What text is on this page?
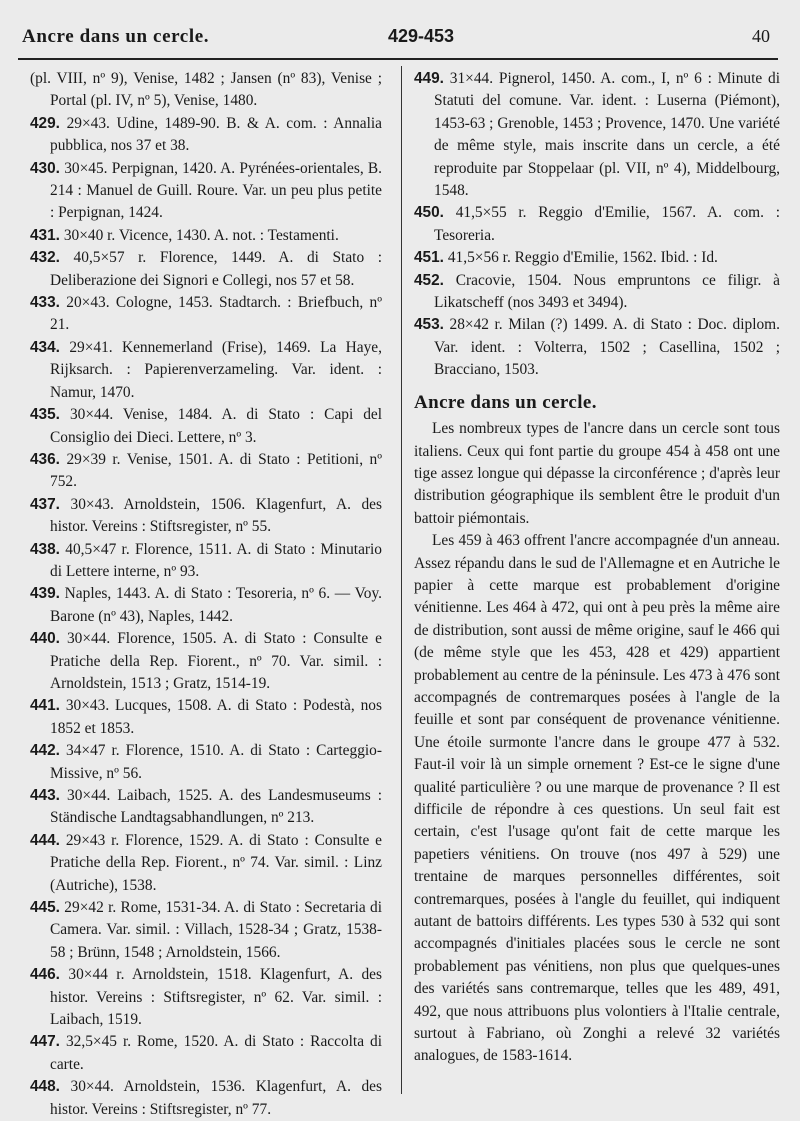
Ancre dans un cercle.	429-453	40
(pl. VIII, nº 9), Venise, 1482 ; Jansen (nº 83), Venise ; Portal (pl. IV, nº 5), Venise, 1480.
429. 29×43. Udine, 1489-90. B. & A. com. : Annalia pubblica, nos 37 et 38.
430. 30×45. Perpignan, 1420. A. Pyrénées-orientales, B. 214 : Manuel de Guill. Roure. Var. un peu plus petite : Perpignan, 1424.
431. 30×40 r. Vicence, 1430. A. not. : Testamenti.
432. 40,5×57 r. Florence, 1449. A. di Stato : Deliberazione dei Signori e Collegi, nos 57 et 58.
433. 20×43. Cologne, 1453. Stadtarch. : Briefbuch, nº 21.
434. 29×41. Kennemerland (Frise), 1469. La Haye, Rijksarch. : Papierenverzameling. Var. ident. : Namur, 1470.
435. 30×44. Venise, 1484. A. di Stato : Capi del Consiglio dei Dieci. Lettere, nº 3.
436. 29×39 r. Venise, 1501. A. di Stato : Petitioni, nº 752.
437. 30×43. Arnoldstein, 1506. Klagenfurt, A. des histor. Vereins : Stiftsregister, nº 55.
438. 40,5×47 r. Florence, 1511. A. di Stato : Minutario di Lettere interne, nº 93.
439. Naples, 1443. A. di Stato : Tesoreria, nº 6. — Voy. Barone (nº 43), Naples, 1442.
440. 30×44. Florence, 1505. A. di Stato : Consulte e Pratiche della Rep. Fiorent., nº 70. Var. simil. : Arnoldstein, 1513 ; Gratz, 1514-19.
441. 30×43. Lucques, 1508. A. di Stato : Podestà, nos 1852 et 1853.
442. 34×47 r. Florence, 1510. A. di Stato : Carteggio-Missive, nº 56.
443. 30×44. Laibach, 1525. A. des Landesmuseums : Ständische Landtagsabhandlungen, nº 213.
444. 29×43 r. Florence, 1529. A. di Stato : Consulte e Pratiche della Rep. Fiorent., nº 74. Var. simil. : Linz (Autriche), 1538.
445. 29×42 r. Rome, 1531-34. A. di Stato : Secretaria di Camera. Var. simil. : Villach, 1528-34 ; Gratz, 1538-58 ; Brünn, 1548 ; Arnoldstein, 1566.
446. 30×44 r. Arnoldstein, 1518. Klagenfurt, A. des histor. Vereins : Stiftsregister, nº 62. Var. simil. : Laibach, 1519.
447. 32,5×45 r. Rome, 1520. A. di Stato : Raccolta di carte.
448. 30×44. Arnoldstein, 1536. Klagenfurt, A. des histor. Vereins : Stiftsregister, nº 77.
449. 31×44. Pignerol, 1450. A. com., I, nº 6 : Minute di Statuti del comune. Var. ident. : Luserna (Piémont), 1453-63 ; Grenoble, 1453 ; Provence, 1470. Une variété de même style, mais inscrite dans un cercle, a été reproduite par Stoppelaar (pl. VII, nº 4), Middelbourg, 1548.
450. 41,5×55 r. Reggio d'Emilie, 1567. A. com. : Tesoreria.
451. 41,5×56 r. Reggio d'Emilie, 1562. Ibid. : Id.
452. Cracovie, 1504. Nous empruntons ce filigr. à Likatscheff (nos 3493 et 3494).
453. 28×42 r. Milan (?) 1499. A. di Stato : Doc. diplom. Var. ident. : Volterra, 1502 ; Casellina, 1502 ; Bracciano, 1503.
Ancre dans un cercle.

Les nombreux types de l'ancre dans un cercle sont tous italiens. Ceux qui font partie du groupe 454 à 458 ont une tige assez longue qui dépasse la circonférence ; d'après leur distribution géographique ils semblent être le produit d'un battoir piémontais.

Les 459 à 463 offrent l'ancre accompagnée d'un anneau. Assez répandu dans le sud de l'Allemagne et en Autriche le papier à cette marque est probablement d'origine vénitienne. Les 464 à 472, qui ont à peu près la même aire de distribution, sont aussi de même origine, sauf le 466 qui (de même style que les 453, 428 et 429) appartient probablement au centre de la péninsule. Les 473 à 476 sont accompagnés de contremarques posées à l'angle de la feuille et sont par conséquent de provenance vénitienne. Une étoile surmonte l'ancre dans le groupe 477 à 532. Faut-il voir là un simple ornement ? Est-ce le signe d'une qualité particulière ? ou une marque de provenance ? Il est difficile de répondre à ces questions. Un seul fait est certain, c'est l'usage qu'ont fait de cette marque les papetiers vénitiens. On trouve (nos 497 à 529) une trentaine de marques personnelles différentes, soit contremarques, posées à l'angle du feuillet, qui indiquent autant de battoirs différents. Les types 530 à 532 qui sont accompagnés d'initiales placées sous le cercle ne sont probablement pas vénitiens, non plus que quelques-unes des variétés sans contremarque, telles que les 489, 491, 492, que nous attribuons plus volontiers à l'Italie centrale, surtout à Fabriano, où Zonghi a relevé 32 variétés analogues, de 1583-1614.
